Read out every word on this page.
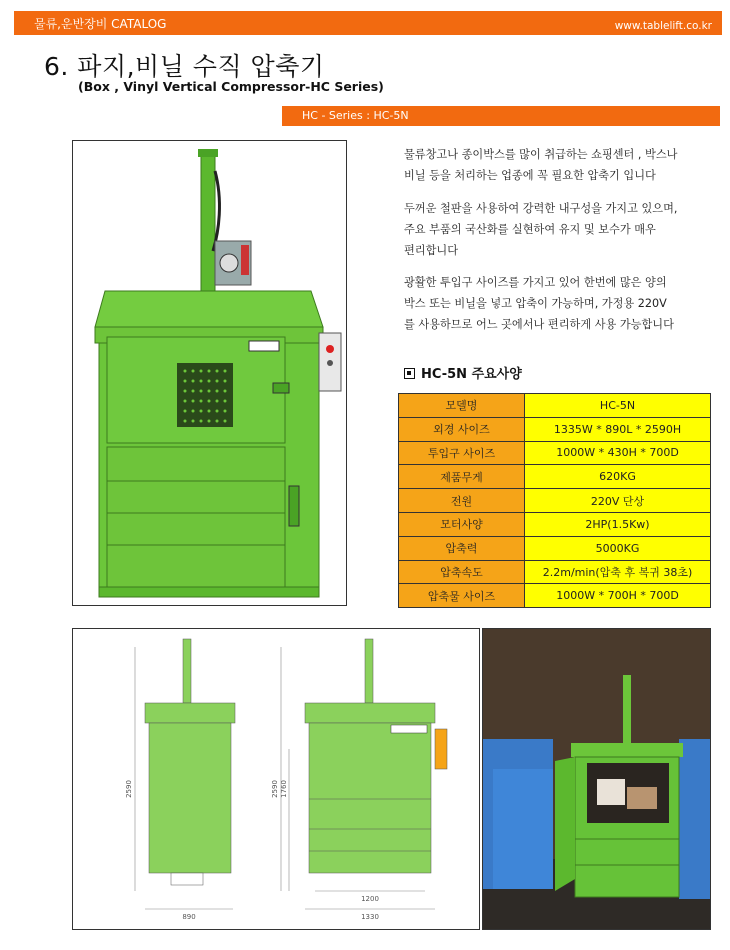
물류,운반장비 CATALOG	www.tablelift.co.kr
6. 파지,비닐 수직 압축기
(Box , Vinyl Vertical Compressor-HC Series)
HC - Series : HC-5N

물류창고나 종이박스를 많이 취급하는 쇼핑센터 , 박스나

비닐 등을 처리하는 업종에 꼭 필요한 압축기 입니다

두꺼운 철판을 사용하여 강력한 내구성을 가지고 있으며,

주요 부품의 국산화를 실현하여 유지 및 보수가 매우

편리합니다

광활한 투입구 사이즈를 가지고 있어 한번에 많은 양의

박스 또는 비닐을 넣고 압축이 가능하며, 가정용 220V

를 사용하므로 어느 곳에서나 편리하게 사용 가능합니다

HC-5N 주요사양
모델명	HC-5N
외경 사이즈	1335W * 890L * 2590H
투입구 사이즈	1000W * 430H * 700D
제품무게	620KG
전원	220V 단상
모터사양	2HP(1.5Kw)
압축력	5000KG
압축속도	2.2m/min(압축 후 복귀 38초)
압축물 사이즈	1000W * 700H * 700D
2590
890
2590 1760
1200
1330
